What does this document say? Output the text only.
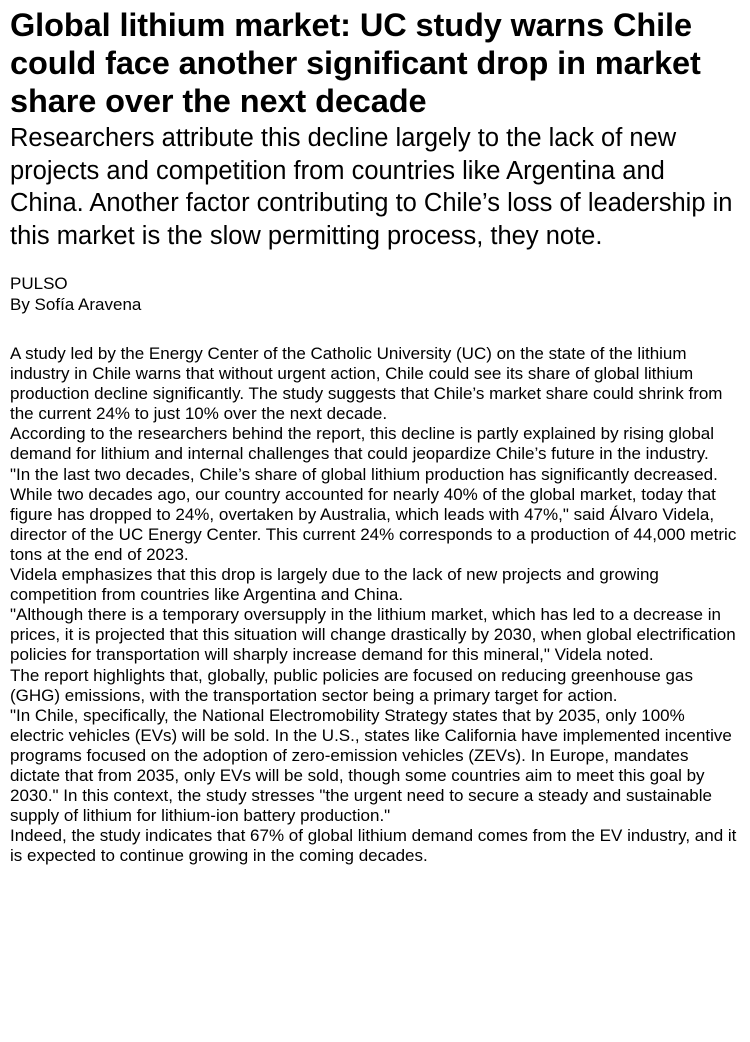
Global lithium market: UC study warns Chile could face another significant drop in market share over the next decade
Researchers attribute this decline largely to the lack of new projects and competition from countries like Argentina and China. Another factor contributing to Chile’s loss of leadership in this market is the slow permitting process, they note.
PULSO
By Sofía Aravena

A study led by the Energy Center of the Catholic University (UC) on the state of the lithium industry in Chile warns that without urgent action, Chile could see its share of global lithium production decline significantly. The study suggests that Chile’s market share could shrink from the current 24% to just 10% over the next decade.

According to the researchers behind the report, this decline is partly explained by rising global demand for lithium and internal challenges that could jeopardize Chile’s future in the industry.

"In the last two decades, Chile’s share of global lithium production has significantly decreased. While two decades ago, our country accounted for nearly 40% of the global market, today that figure has dropped to 24%, overtaken by Australia, which leads with 47%," said Álvaro Videla, director of the UC Energy Center. This current 24% corresponds to a production of 44,000 metric tons at the end of 2023.

Videla emphasizes that this drop is largely due to the lack of new projects and growing competition from countries like Argentina and China.

"Although there is a temporary oversupply in the lithium market, which has led to a decrease in prices, it is projected that this situation will change drastically by 2030, when global electrification policies for transportation will sharply increase demand for this mineral," Videla noted.

The report highlights that, globally, public policies are focused on reducing greenhouse gas (GHG) emissions, with the transportation sector being a primary target for action.

"In Chile, specifically, the National Electromobility Strategy states that by 2035, only 100% electric vehicles (EVs) will be sold. In the U.S., states like California have implemented incentive programs focused on the adoption of zero-emission vehicles (ZEVs). In Europe, mandates dictate that from 2035, only EVs will be sold, though some countries aim to meet this goal by 2030." In this context, the study stresses "the urgent need to secure a steady and sustainable supply of lithium for lithium-ion battery production."

Indeed, the study indicates that 67% of global lithium demand comes from the EV industry, and it is expected to continue growing in the coming decades.
